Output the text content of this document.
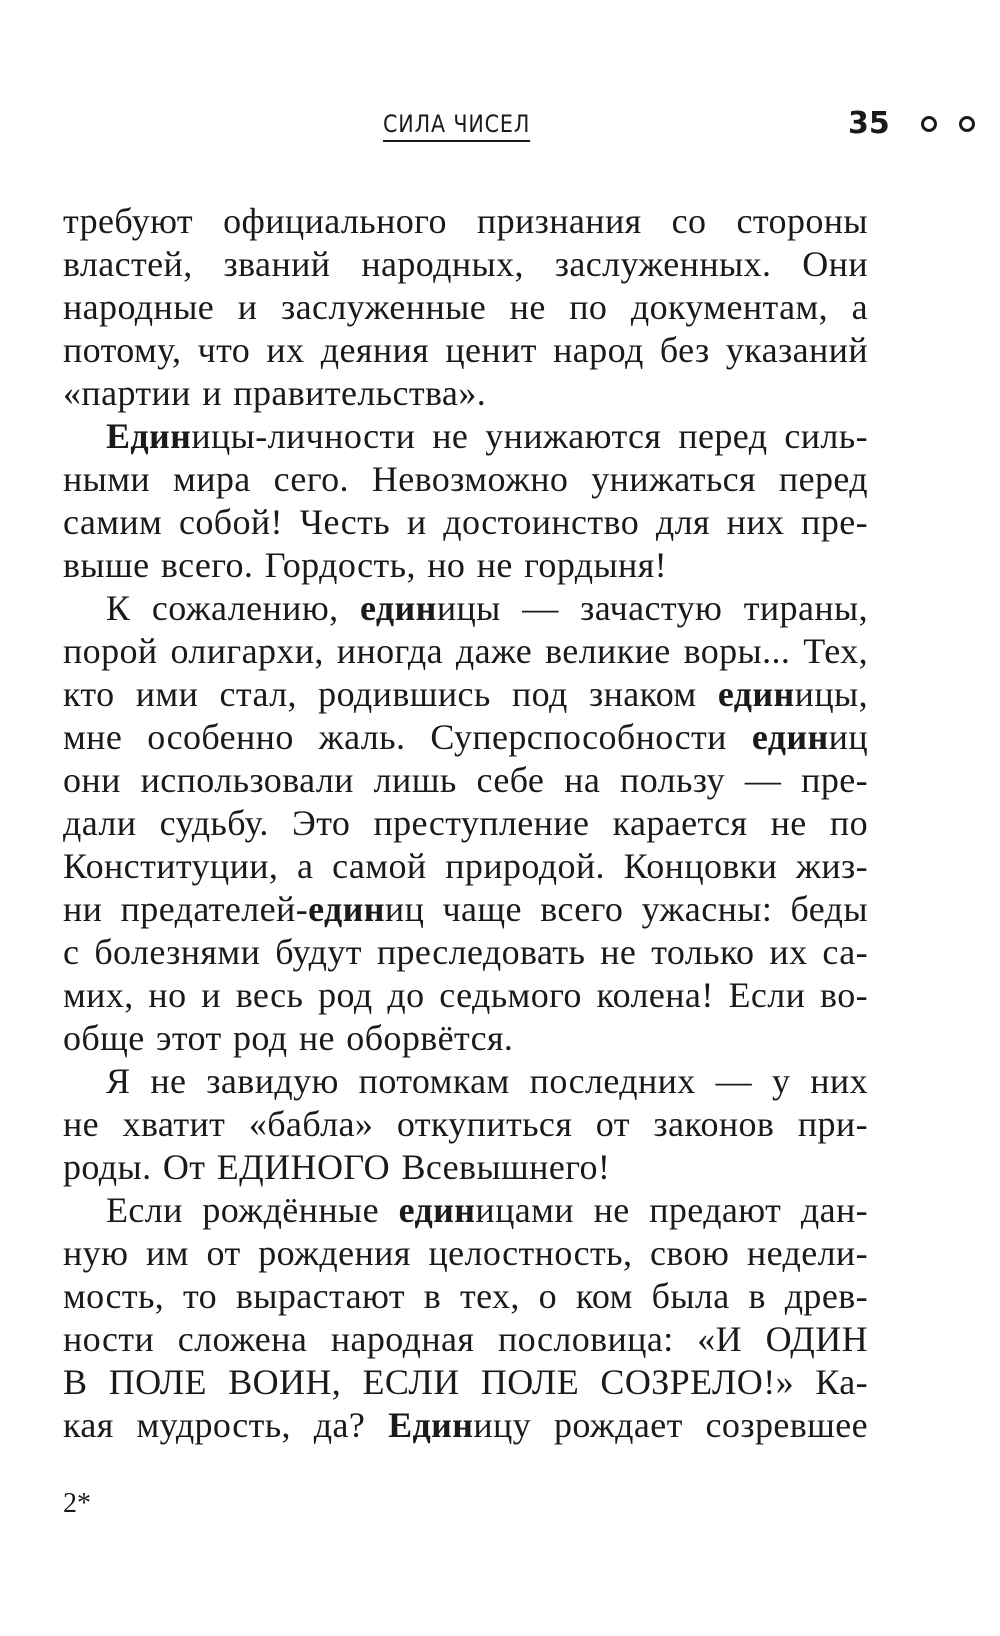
СИЛА ЧИСЕЛ	35

требуют официального признания со стороны
властей, званий народных, заслуженных. Они
народные и заслуженные не по документам, а
потому, что их деяния ценит народ без указаний
«партии и правительства».

Единицы-личности не унижаются перед силь-
ными мира сего. Невозможно унижаться перед
самим собой! Честь и достоинство для них пре-
выше всего. Гордость, но не гордыня!

К сожалению, единицы — зачастую тираны,
порой олигархи, иногда даже великие воры... Тех,
кто ими стал, родившись под знаком единицы,
мне особенно жаль. Суперспособности единиц
они использовали лишь себе на пользу — пре-
дали судьбу. Это преступление карается не по
Конституции, а самой природой. Концовки жиз-
ни предателей-единиц чаще всего ужасны: беды
с болезнями будут преследовать не только их са-
мих, но и весь род до седьмого колена! Если во-
обще этот род не оборвётся.

Я не завидую потомкам последних — у них
не хватит «бабла» откупиться от законов при-
роды. От ЕДИНОГО Всевышнего!

Если рождённые единицами не предают дан-
ную им от рождения целостность, свою недели-
мость, то вырастают в тех, о ком была в древ-
ности сложена народная пословица: «И ОДИН
В ПОЛЕ ВОИН, ЕСЛИ ПОЛЕ СОЗРЕЛО!» Ка-
кая мудрость, да? Единицу рождает созревшее

2*
